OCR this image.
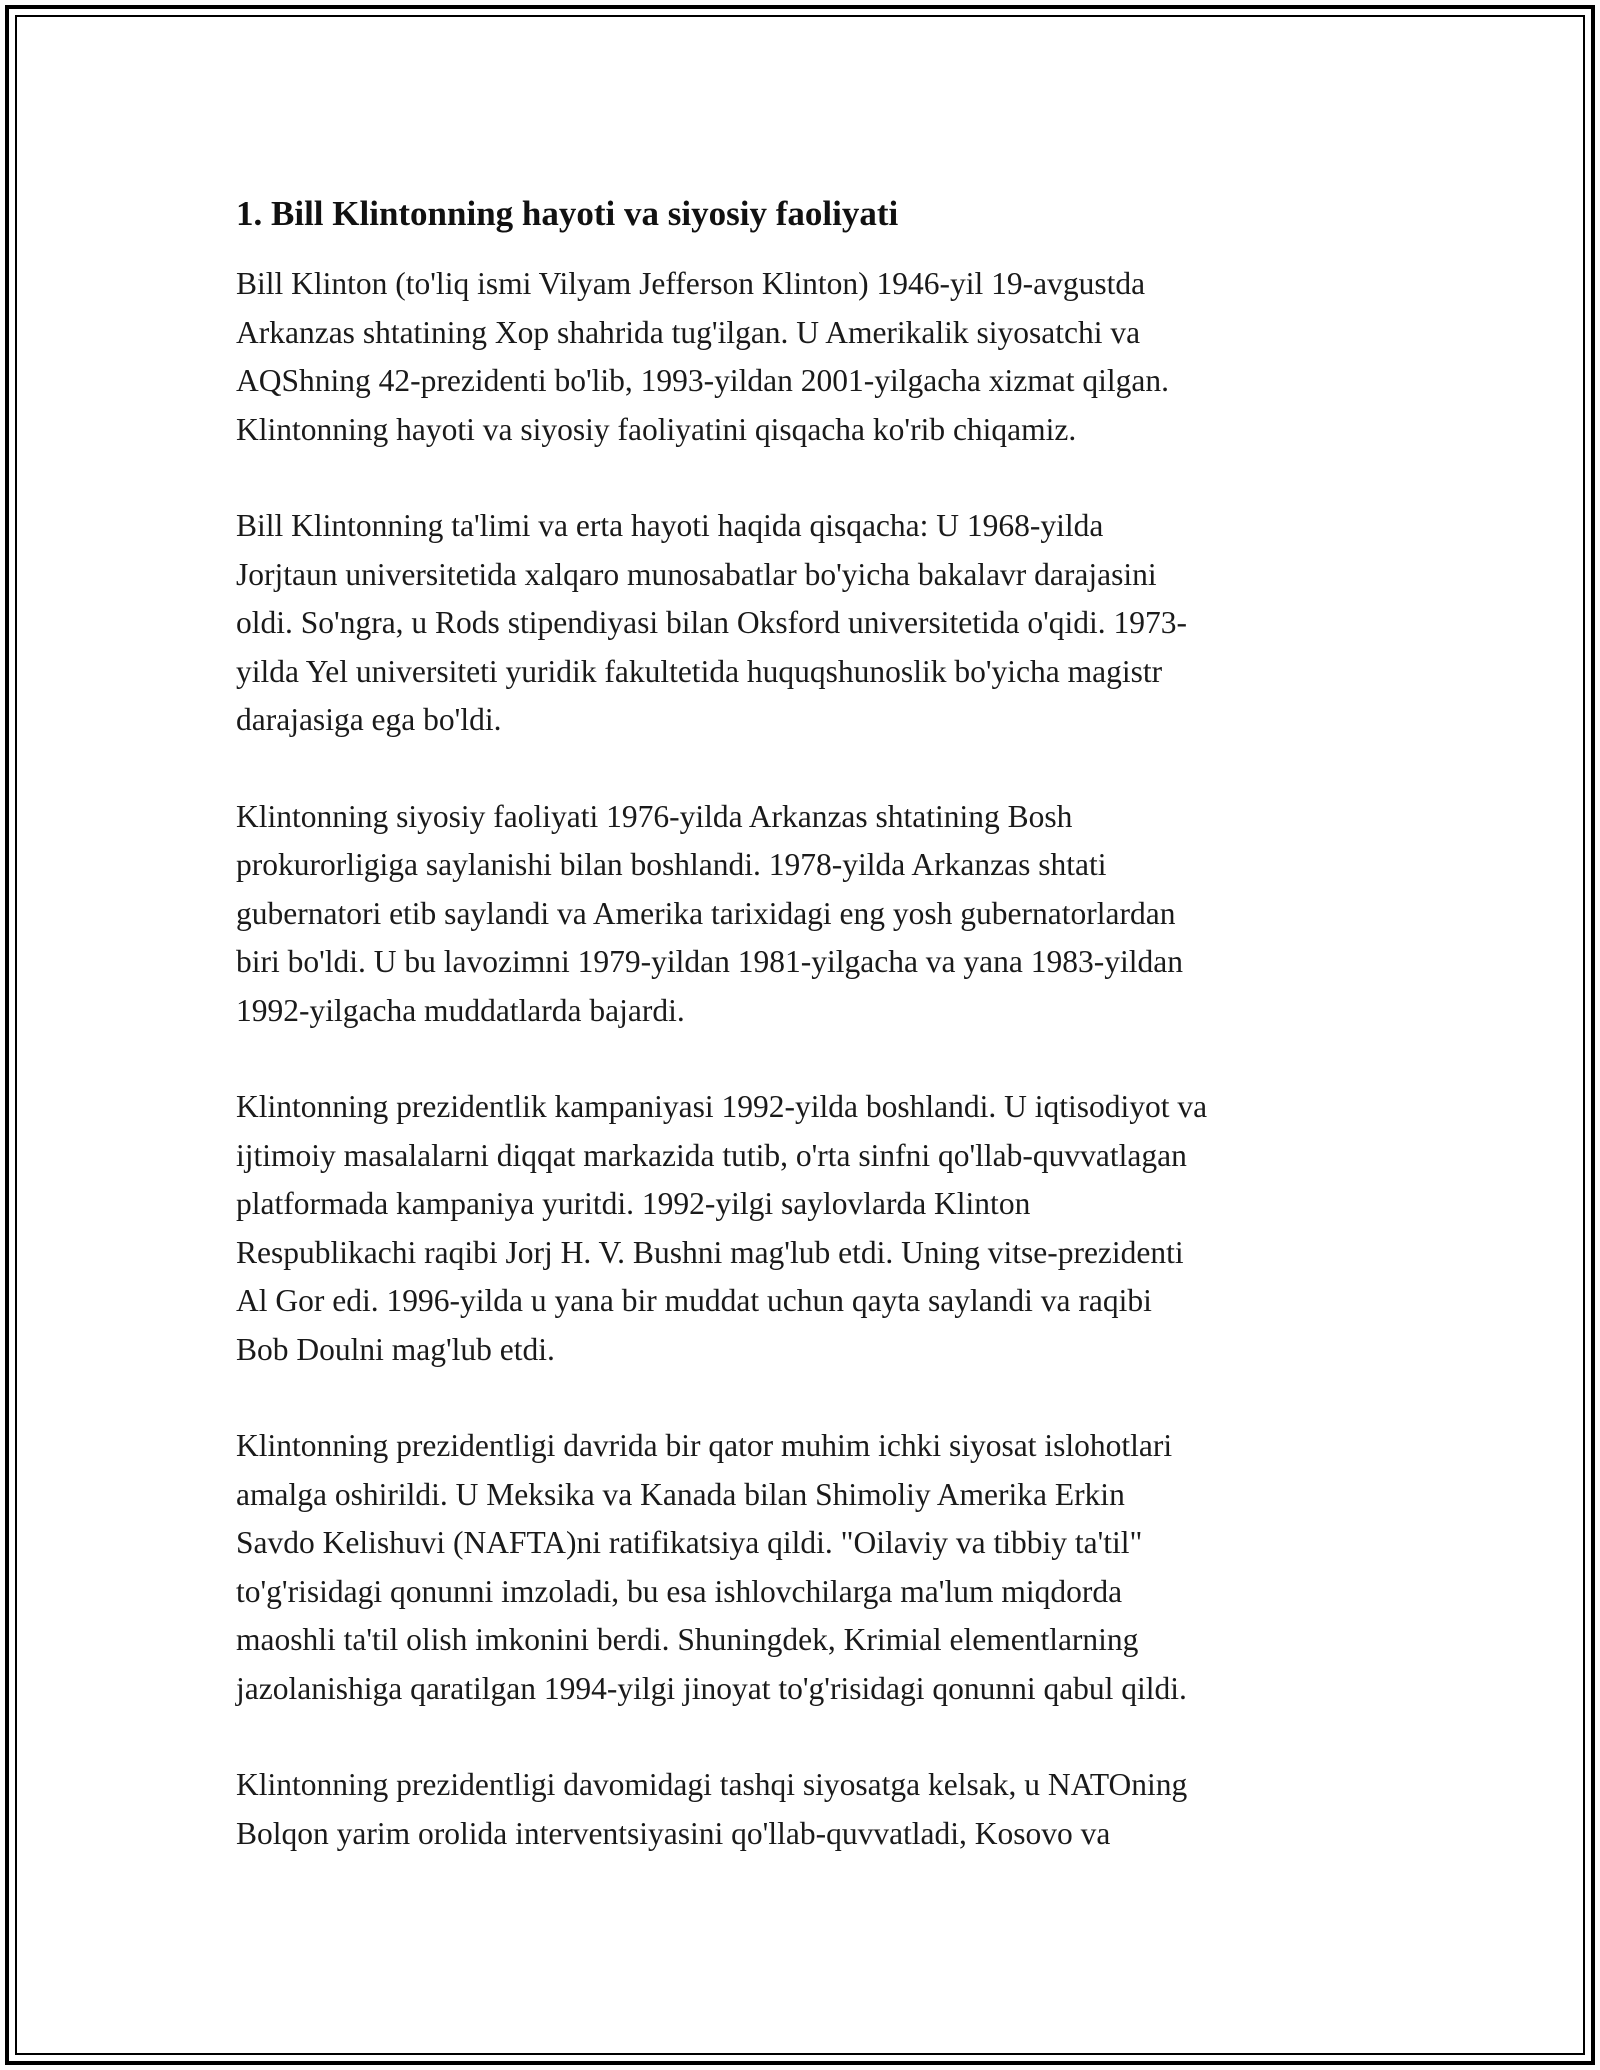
1. Bill Klintonning hayoti va siyosiy faoliyati

Bill Klinton (to'liq ismi Vilyam Jefferson Klinton) 1946-yil 19-avgustda
Arkanzas shtatining Xop shahrida tug'ilgan. U Amerikalik siyosatchi va
AQShning 42-prezidenti bo'lib, 1993-yildan 2001-yilgacha xizmat qilgan.
Klintonning hayoti va siyosiy faoliyatini qisqacha ko'rib chiqamiz.

Bill Klintonning ta'limi va erta hayoti haqida qisqacha: U 1968-yilda
Jorjtaun universitetida xalqaro munosabatlar bo'yicha bakalavr darajasini
oldi. So'ngra, u Rods stipendiyasi bilan Oksford universitetida o'qidi. 1973-
yilda Yel universiteti yuridik fakultetida huquqshunoslik bo'yicha magistr
darajasiga ega bo'ldi.

Klintonning siyosiy faoliyati 1976-yilda Arkanzas shtatining Bosh
prokurorligiga saylanishi bilan boshlandi. 1978-yilda Arkanzas shtati
gubernatori etib saylandi va Amerika tarixidagi eng yosh gubernatorlardan
biri bo'ldi. U bu lavozimni 1979-yildan 1981-yilgacha va yana 1983-yildan
1992-yilgacha muddatlarda bajardi.

Klintonning prezidentlik kampaniyasi 1992-yilda boshlandi. U iqtisodiyot va
ijtimoiy masalalarni diqqat markazida tutib, o'rta sinfni qo'llab-quvvatlagan
platformada kampaniya yuritdi. 1992-yilgi saylovlarda Klinton
Respublikachi raqibi Jorj H. V. Bushni mag'lub etdi. Uning vitse-prezidenti
Al Gor edi. 1996-yilda u yana bir muddat uchun qayta saylandi va raqibi
Bob Doulni mag'lub etdi.

Klintonning prezidentligi davrida bir qator muhim ichki siyosat islohotlari
amalga oshirildi. U Meksika va Kanada bilan Shimoliy Amerika Erkin
Savdo Kelishuvi (NAFTA)ni ratifikatsiya qildi. "Oilaviy va tibbiy ta'til"
to'g'risidagi qonunni imzoladi, bu esa ishlovchilarga ma'lum miqdorda
maoshli ta'til olish imkonini berdi. Shuningdek, Krimial elementlarning
jazolanishiga qaratilgan 1994-yilgi jinoyat to'g'risidagi qonunni qabul qildi.

Klintonning prezidentligi davomidagi tashqi siyosatga kelsak, u NATOning
Bolqon yarim orolida interventsiyasini qo'llab-quvvatladi, Kosovo va
